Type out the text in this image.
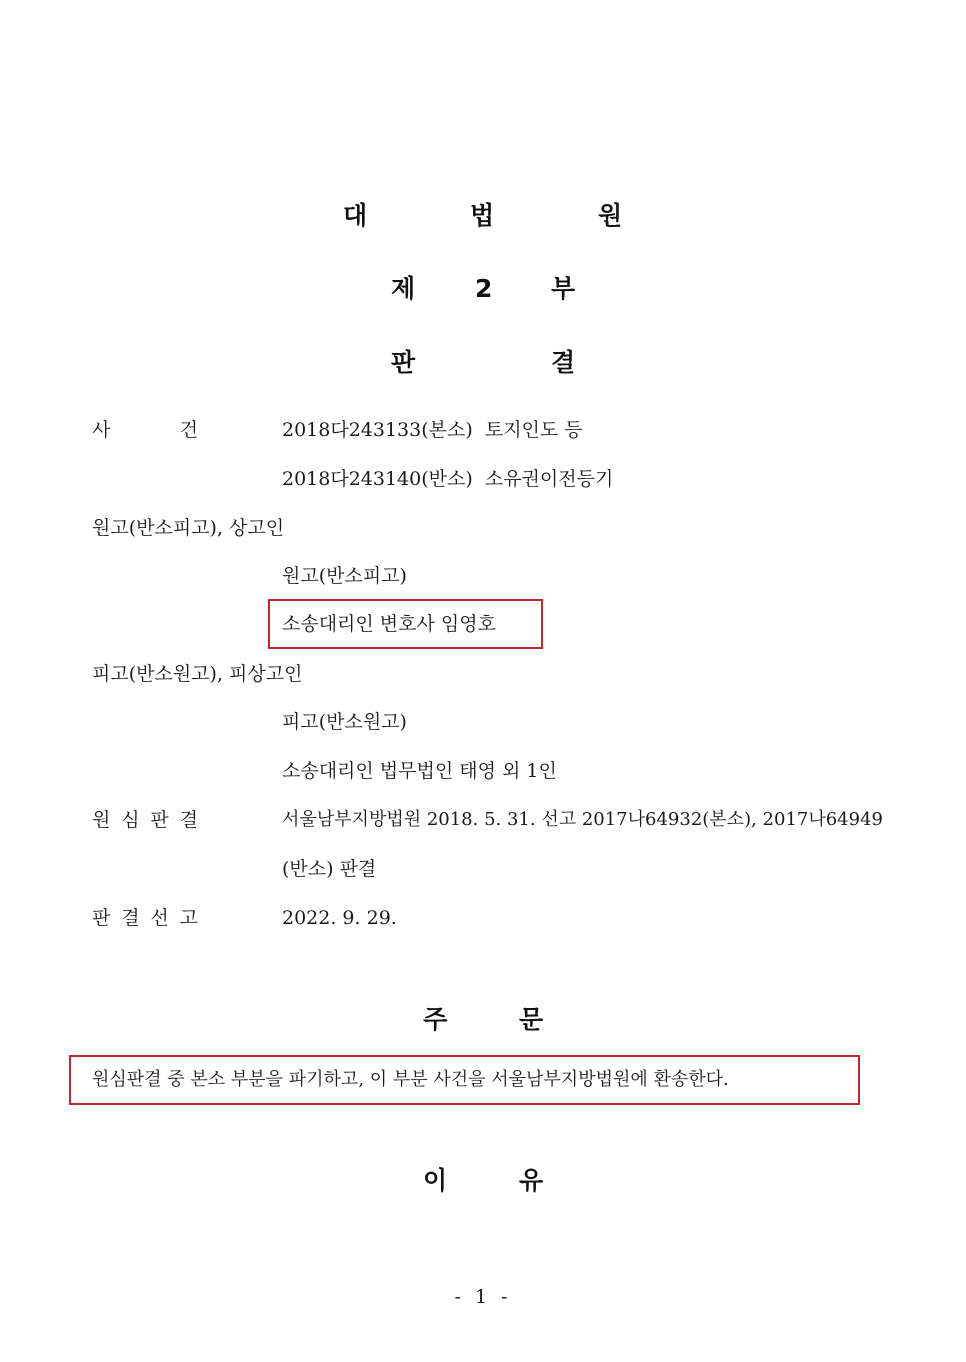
대	법	원
제 2 부
판	결
사	건	2018다243133(본소)  토지인도 등
2018다243140(반소)  소유권이전등기
원고(반소피고), 상고인
원고(반소피고)
소송대리인 변호사 임영호
피고(반소원고), 피상고인
피고(반소원고)
소송대리인 법무법인 태영 외 1인
원 심 판 결	서울남부지방법원 2018. 5. 31. 선고 2017나64932(본소), 2017나64949
(반소) 판결
판 결 선 고	2022. 9. 29.
주	문
원심판결 중 본소 부분을 파기하고, 이 부분 사건을 서울남부지방법원에 환송한다.
이	유
- 1 -
